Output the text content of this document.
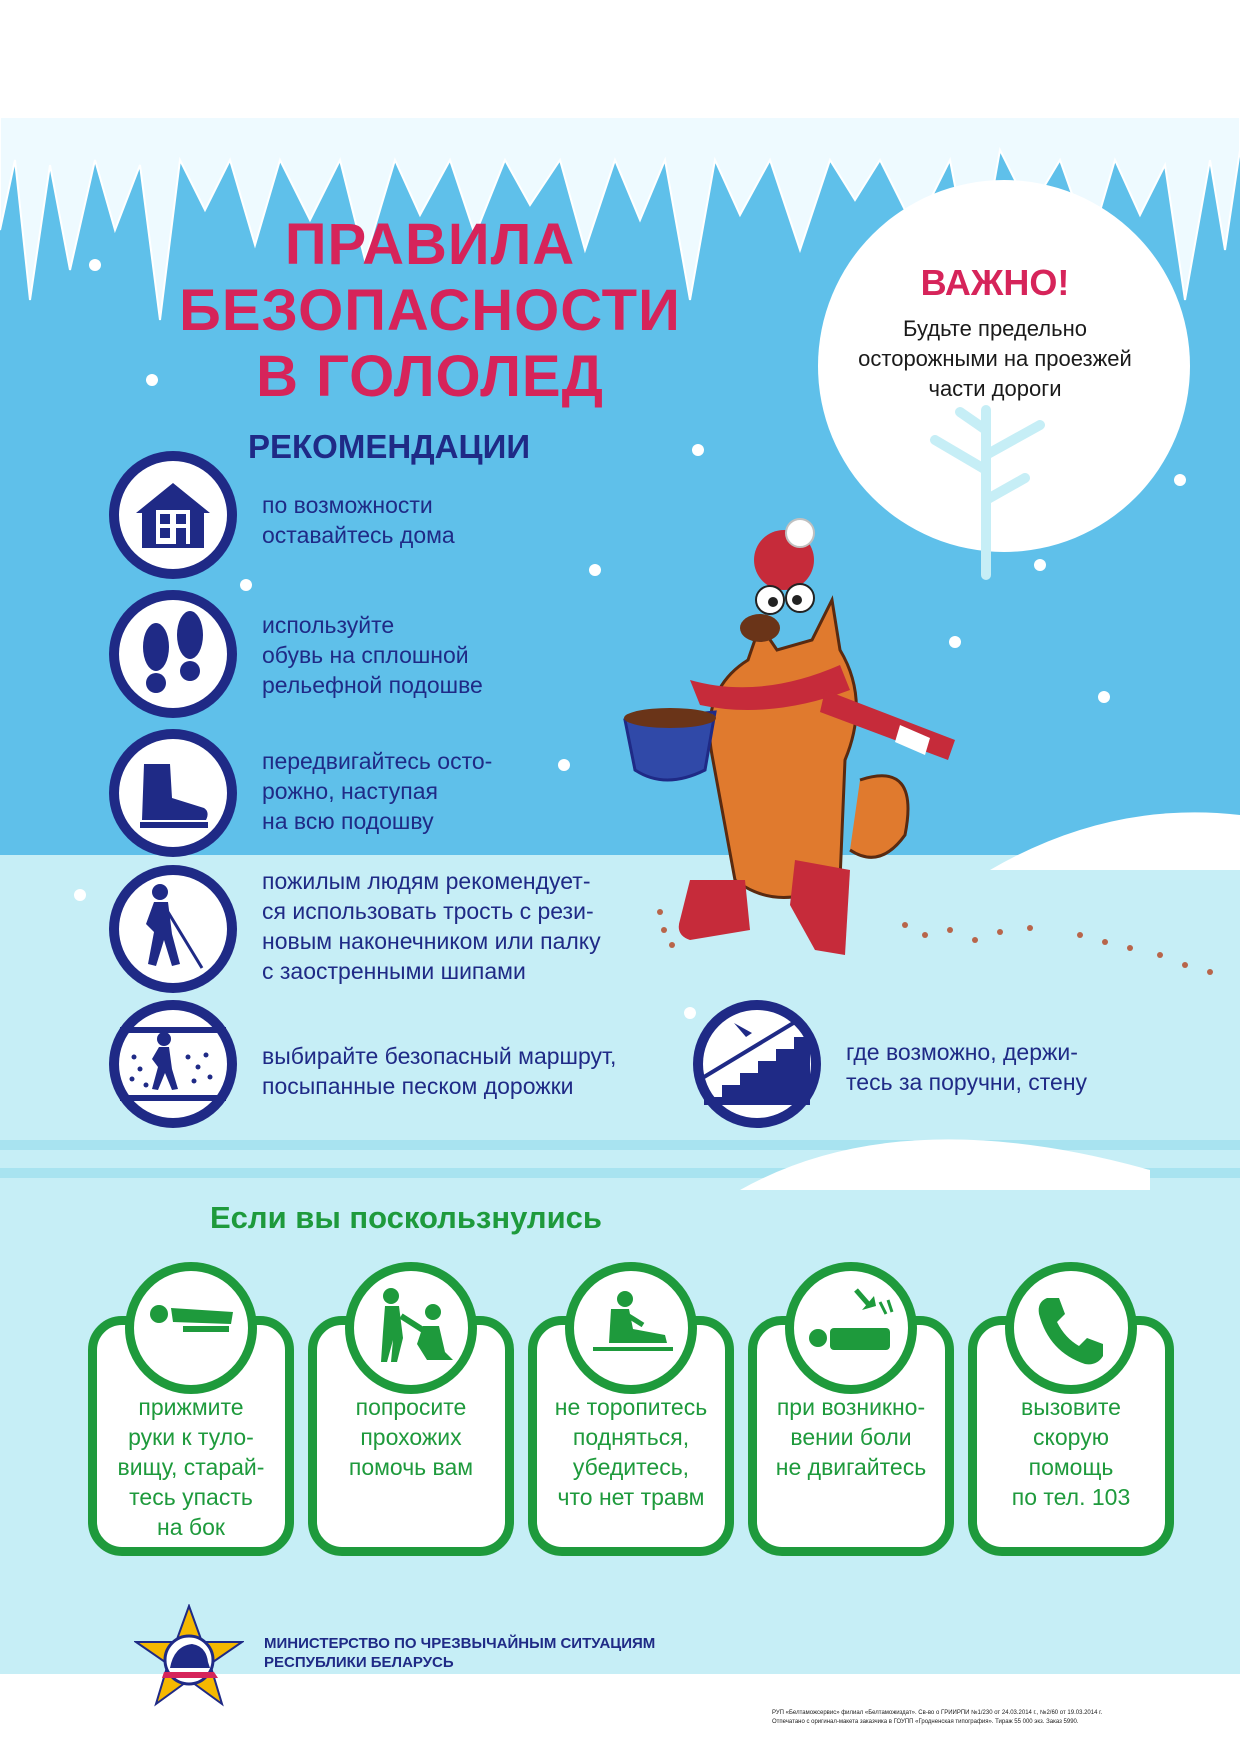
ПРАВИЛА
БЕЗОПАСНОСТИ
В ГОЛОЛЕД
ВАЖНО!
Будьте предельно
осторожными на проезжей
части дороги
РЕКОМЕНДАЦИИ
по возможности
оставайтесь дома
используйте
обувь на сплошной
рельефной подошве
передвигайтесь осто-
рожно, наступая
на всю подошву
пожилым людям рекомендует-
ся использовать трость с рези-
новым наконечником или палку
с заостренными шипами
выбирайте безопасный маршрут,
посыпанные песком дорожки
где возможно, держи-
тесь за поручни, стену
Если вы поскользнулись
прижмите
руки к туло-
вищу, старай-
тесь упасть
на бок
попросите
прохожих
помочь вам
не торопитесь
подняться,
убедитесь,
что нет травм
при возникно-
вении боли
не двигайтесь
вызовите
скорую
помощь
по тел. 103
МИНИСТЕРСТВО ПО ЧРЕЗВЫЧАЙНЫМ СИТУАЦИЯМ
РЕСПУБЛИКИ БЕЛАРУСЬ
РУП «Белтаможсервис» филиал «Белтаможиздат». Св-во о ГРИИРПИ №1/230 от 24.03.2014 г., №2/60 от 19.03.2014 г.
Отпечатано с оригинал-макета заказчика в ГОУПП «Гродненская типография». Тираж 55 000 экз. Заказ 5990.
